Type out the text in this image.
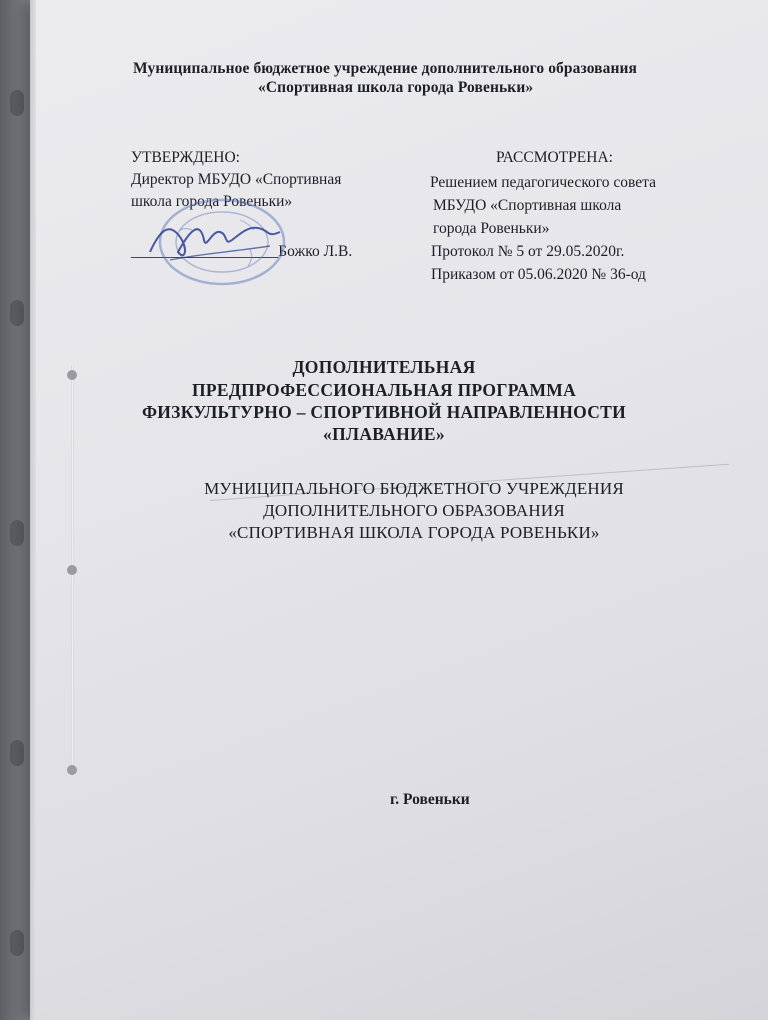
Муниципальное бюджетное учреждение дополнительного образования
«Спортивная школа города Ровеньки»
УТВЕРЖДЕНО:
Директор МБУДО «Спортивная
школа города Ровеньки»
___________________Божко Л.В.
РАССМОТРЕНА:
Решением педагогического совета
МБУДО «Спортивная школа
города Ровеньки»
Протокол № 5 от 29.05.2020г.
Приказом от 05.06.2020 № 36-од
ДОПОЛНИТЕЛЬНАЯ
ПРЕДПРОФЕССИОНАЛЬНАЯ ПРОГРАММА
ФИЗКУЛЬТУРНО – СПОРТИВНОЙ НАПРАВЛЕННОСТИ
«ПЛАВАНИЕ»
МУНИЦИПАЛЬНОГО БЮДЖЕТНОГО УЧРЕЖДЕНИЯ
ДОПОЛНИТЕЛЬНОГО ОБРАЗОВАНИЯ
«СПОРТИВНАЯ ШКОЛА ГОРОДА РОВЕНЬКИ»
г. Ровеньки
